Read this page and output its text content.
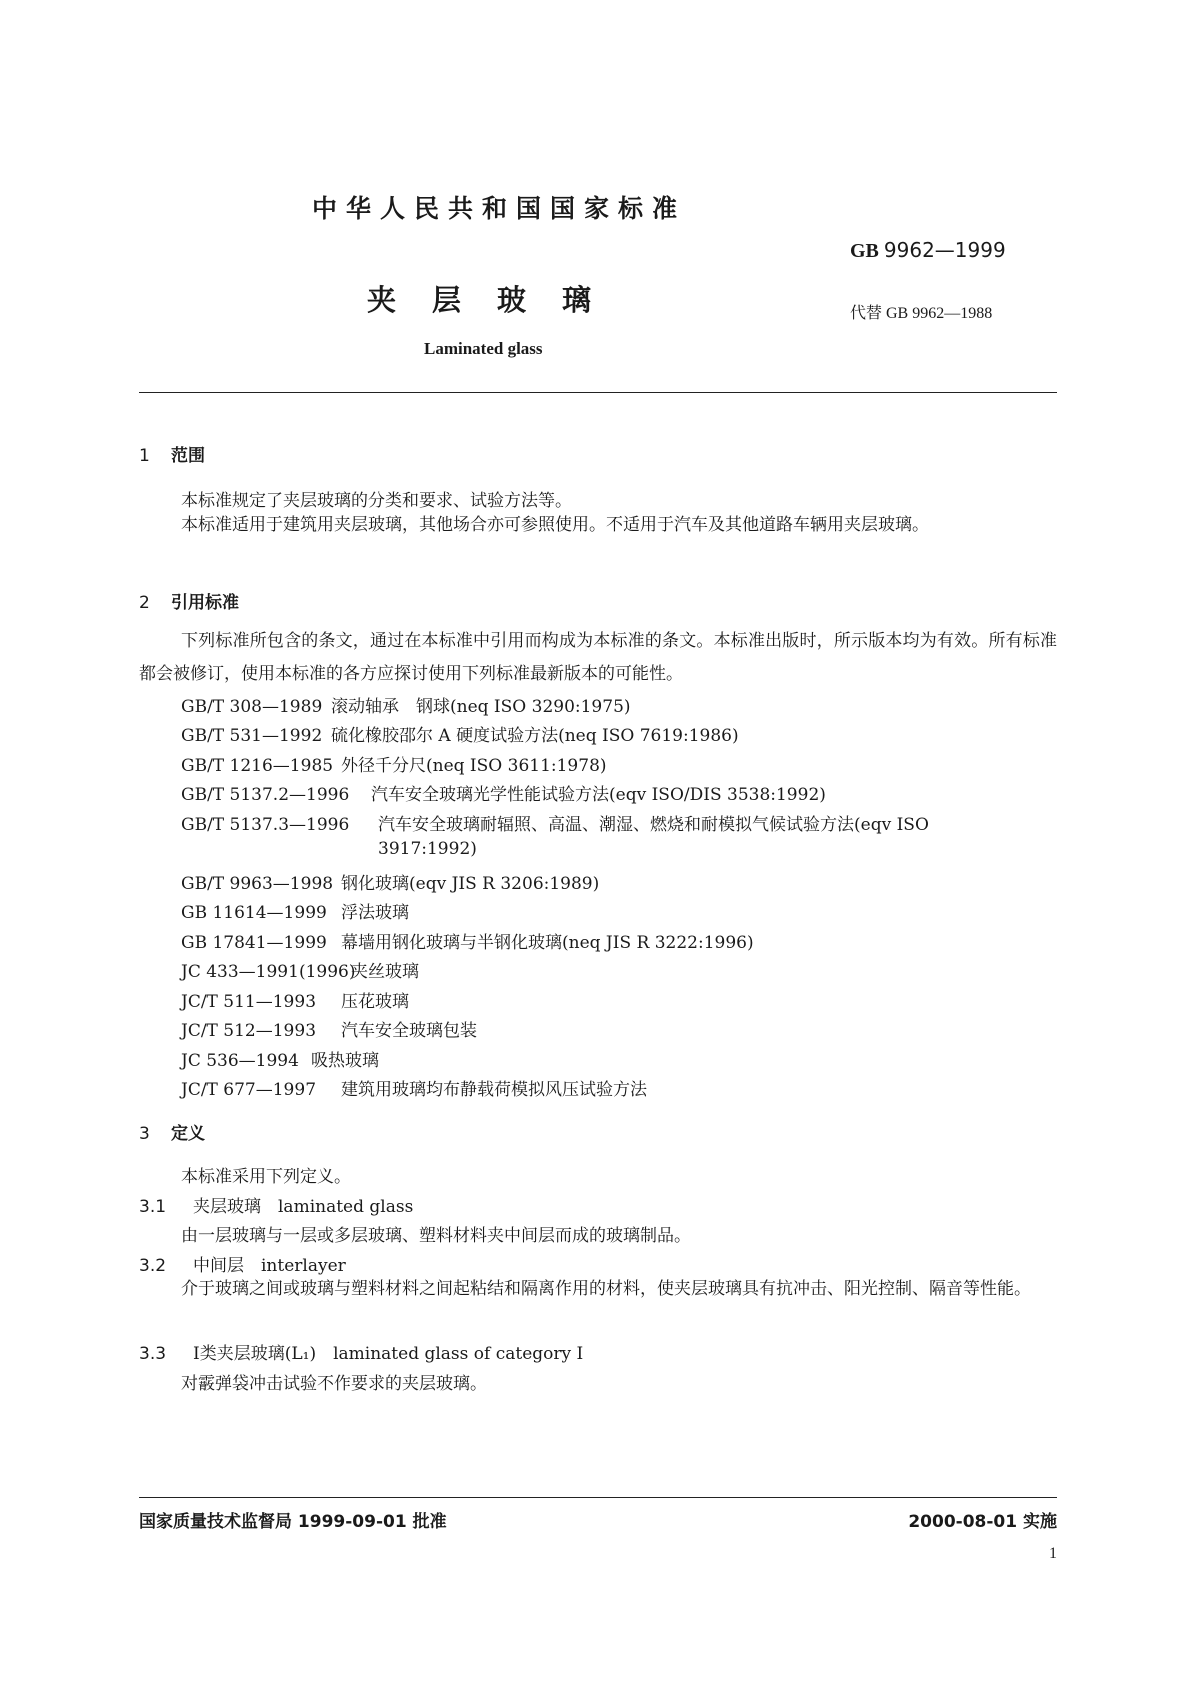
中华人民共和国国家标准
GB 9962—1999
夹层玻璃	代替 GB 9962—1988
Laminated glass
1 范围
本标准规定了夹层玻璃的分类和要求、试验方法等。
本标准适用于建筑用夹层玻璃，其他场合亦可参照使用。不适用于汽车及其他道路车辆用夹层玻璃。
2 引用标准
下列标准所包含的条文，通过在本标准中引用而构成为本标准的条文。本标准出版时，所示版本均为有效。所有标准都会被修订，使用本标准的各方应探讨使用下列标准最新版本的可能性。
GB/T 308—1989 滚动轴承　钢球(neq ISO 3290:1975)
GB/T 531—1992 硫化橡胶邵尔 A 硬度试验方法(neq ISO 7619:1986)
GB/T 1216—1985 外径千分尺(neq ISO 3611:1978)
GB/T 5137.2—1996 汽车安全玻璃光学性能试验方法(eqv ISO/DIS 3538:1992)
GB/T 5137.3—1996 汽车安全玻璃耐辐照、高温、潮湿、燃烧和耐模拟气候试验方法(eqv ISO
3917:1992)
GB/T 9963—1998 钢化玻璃(eqv JIS R 3206:1989)
GB 11614—1999 浮法玻璃
GB 17841—1999 幕墙用钢化玻璃与半钢化玻璃(neq JIS R 3222:1996)
JC 433—1991(1996)夹丝玻璃
JC/T 511—1993 压花玻璃
JC/T 512—1993 汽车安全玻璃包装
JC 536—1994 吸热玻璃
JC/T 677—1997 建筑用玻璃均布静载荷模拟风压试验方法
3 定义
本标准采用下列定义。
3.1 夹层玻璃　laminated glass
由一层玻璃与一层或多层玻璃、塑料材料夹中间层而成的玻璃制品。
3.2 中间层　interlayer
介于玻璃之间或玻璃与塑料材料之间起粘结和隔离作用的材料，使夹层玻璃具有抗冲击、阳光控制、隔音等性能。
3.3 Ⅰ类夹层玻璃(L₁)　laminated glass of category Ⅰ
对霰弹袋冲击试验不作要求的夹层玻璃。
国家质量技术监督局 1999-09-01 批准	2000-08-01 实施
1
